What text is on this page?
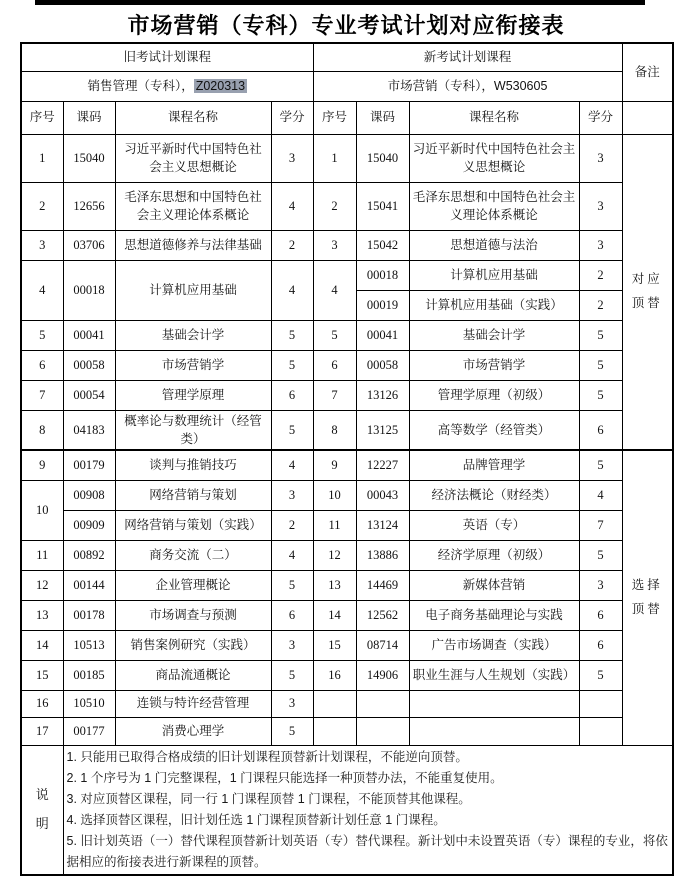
市场营销（专科）专业考试计划对应衔接表
旧考试计划课程				新考试计划课程				备注
销售管理（专科）， Z020313				市场营销（专科），W530605				
序号	课码	课程名称	学分	序号	课码	课程名称	学分	
1	15040	习近平新时代中国特色社会主义思想概论	3	1	15040	习近平新时代中国特色社会主义思想概论	3	对应顶替
2	12656	毛泽东思想和中国特色社会主义理论体系概论	4	2	15041	毛泽东思想和中国特色社会主义理论体系概论	3	
3	03706	思想道德修养与法律基础	2	3	15042	思想道德与法治	3	
4	00018	计算机应用基础	4	4	00018	计算机应用基础	2	
					00019	计算机应用基础（实践）	2	
5	00041	基础会计学	5	5	00041	基础会计学	5	
6	00058	市场营销学	5	6	00058	市场营销学	5	
7	00054	管理学原理	6	7	13126	管理学原理（初级）	5	
8	04183	概率论与数理统计（经管类）	5	8	13125	高等数学（经管类）	6	
9	00179	谈判与推销技巧	4	9	12227	品牌管理学	5	选择顶替
10	00908	网络营销与策划	3	10	00043	经济法概论（财经类）	4	
	00909	网络营销与策划（实践）	2	11	13124	英语（专）	7	
11	00892	商务交流（二）	4	12	13886	经济学原理（初级）	5	
12	00144	企业管理概论	5	13	14469	新媒体营销	3	
13	00178	市场调查与预测	6	14	12562	电子商务基础理论与实践	6	
14	10513	销售案例研究（实践）	3	15	08714	广告市场调查（实践）	6	
15	00185	商品流通概论	5	16	14906	职业生涯与人生规划（实践）	5	
16	10510	连锁与特许经营管理	3					
17	00177	消费心理学	5					
说明	1. 只能用已取得合格成绩的旧计划课程顶替新计划课程，不能逆向顶替。
2. 1 个序号为 1 门完整课程，1 门课程只能选择一种顶替办法，不能重复使用。
3. 对应顶替区课程，同一行 1 门课程顶替 1 门课程，不能顶替其他课程。
4. 选择顶替区课程，旧计划任选 1 门课程顶替新计划任意 1 门课程。
5. 旧计划英语（一）替代课程顶替新计划英语（专）替代课程。新计划中未设置英语（专）课程的专业，将依据相应的衔接表进行新课程的顶替。							
